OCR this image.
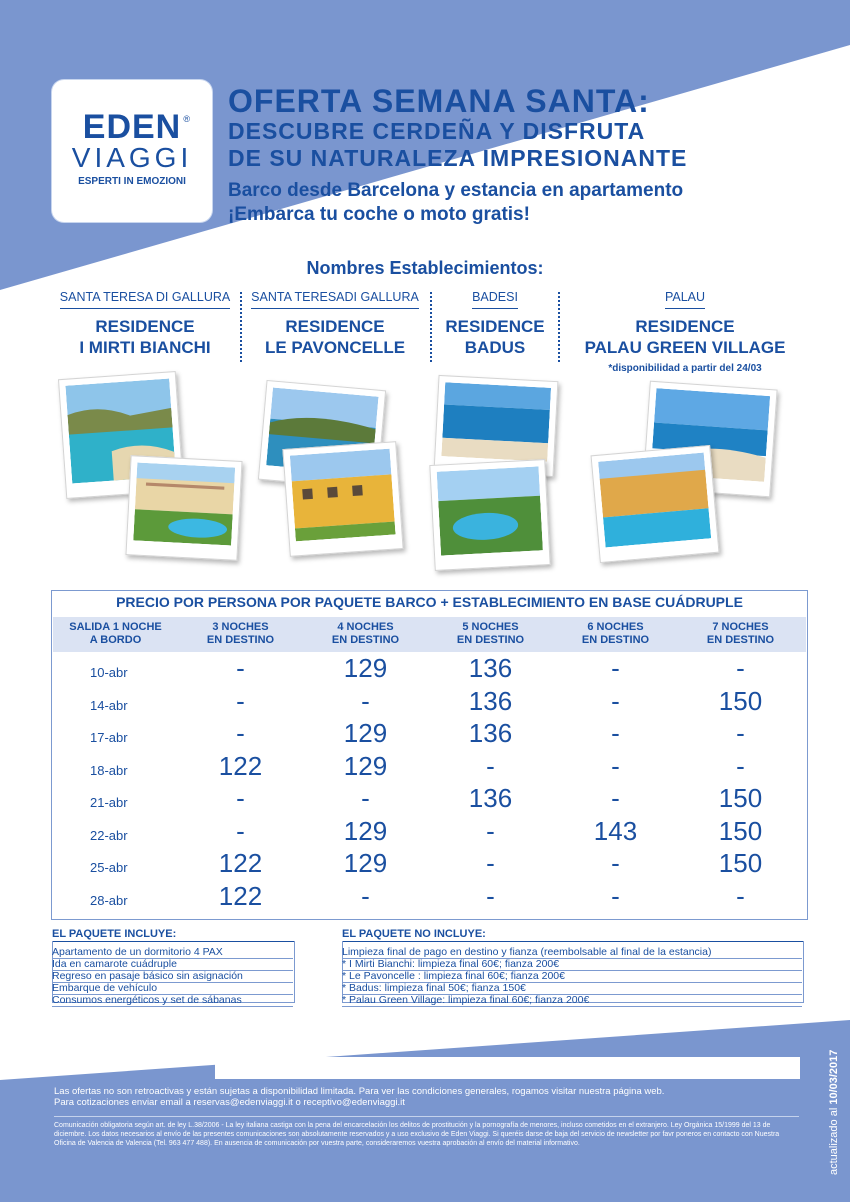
EDEN
VIAGGI
ESPERTI IN EMOZIONI
® OFERTA SEMANA SANTA:
DESCUBRE CERDEÑA Y DISFRUTA
DE SU NATURALEZA IMPRESIONANTE
Barco desde Barcelona y estancia en apartamento
¡Embarca tu coche o moto gratis!
Nombres Establecimientos:
SANTA TERESA DI GALLURA
RESIDENCE
I MIRTI BIANCHI
SANTA TERESADI GALLURA
RESIDENCE
LE PAVONCELLE
BADESI
RESIDENCE
BADUS
PALAU
RESIDENCE
PALAU GREEN VILLAGE
*disponibilidad a partir del 24/03
PRECIO POR PERSONA POR PAQUETE BARCO + ESTABLECIMIENTO EN BASE CUÁDRUPLE
SALIDA 1 NOCHE
A BORDO
3 NOCHES
EN DESTINO
4 NOCHES
EN DESTINO
5 NOCHES
EN DESTINO
6 NOCHES
EN DESTINO
7 NOCHES
EN DESTINO
10-abr	-	129	136	-	-
14-abr	-	-	136	-	150
17-abr	-	129	136	-	-
18-abr	122	129	-	-	-
21-abr	-	-	136	-	150
22-abr	-	129	-	143	150
25-abr	122	129	-	-	150
28-abr	122	-	-	-	-
EL PAQUETE INCLUYE:
Apartamento de un dormitorio 4 PAX
Ida en camarote cuádruple
Regreso en pasaje básico sin asignación
Embarque de vehículo
Consumos energéticos y set de sábanas
EL PAQUETE NO INCLUYE:
Limpieza final de pago en destino y fianza (reembolsable al final de la estancia)
* I Mirti Bianchi: limpieza final 60€; fianza 200€
* Le Pavoncelle : limpieza final 60€; fianza 200€
* Badus: limpieza final 50€; fianza 150€
* Palau Green Village: limpieza final 60€; fianza 200€
Las ofertas no son retroactivas y están sujetas a disponibilidad limitada. Para ver las condiciones generales, rogamos visitar nuestra página web.
Para cotizaciones enviar email a reservas@edenviaggi.it o receptivo@edenviaggi.it
Comunicación obligatoria según art. de ley L.38/2006 - La ley italiana castiga con la pena del encarcelación los delitos de prostitución y la pornografía de menores, incluso cometidos en el extranjero. Ley Orgánica 15/1999 del 13 de diciembre. Los datos necesarios al envío de las presentes comunicaciones son absolutamente reservados y a uso exclusivo de Eden Viaggi. Si queréis darse de baja del servicio de newsletter por favr poneros en contacto con Nuestra Oficina de Valencia de Valencia (Tel. 963 477 488). En ausencia de comunicación por vuestra parte, consideraremos vuestra aprobación al envío del material informativo.	actualizado al 10/03/2017
